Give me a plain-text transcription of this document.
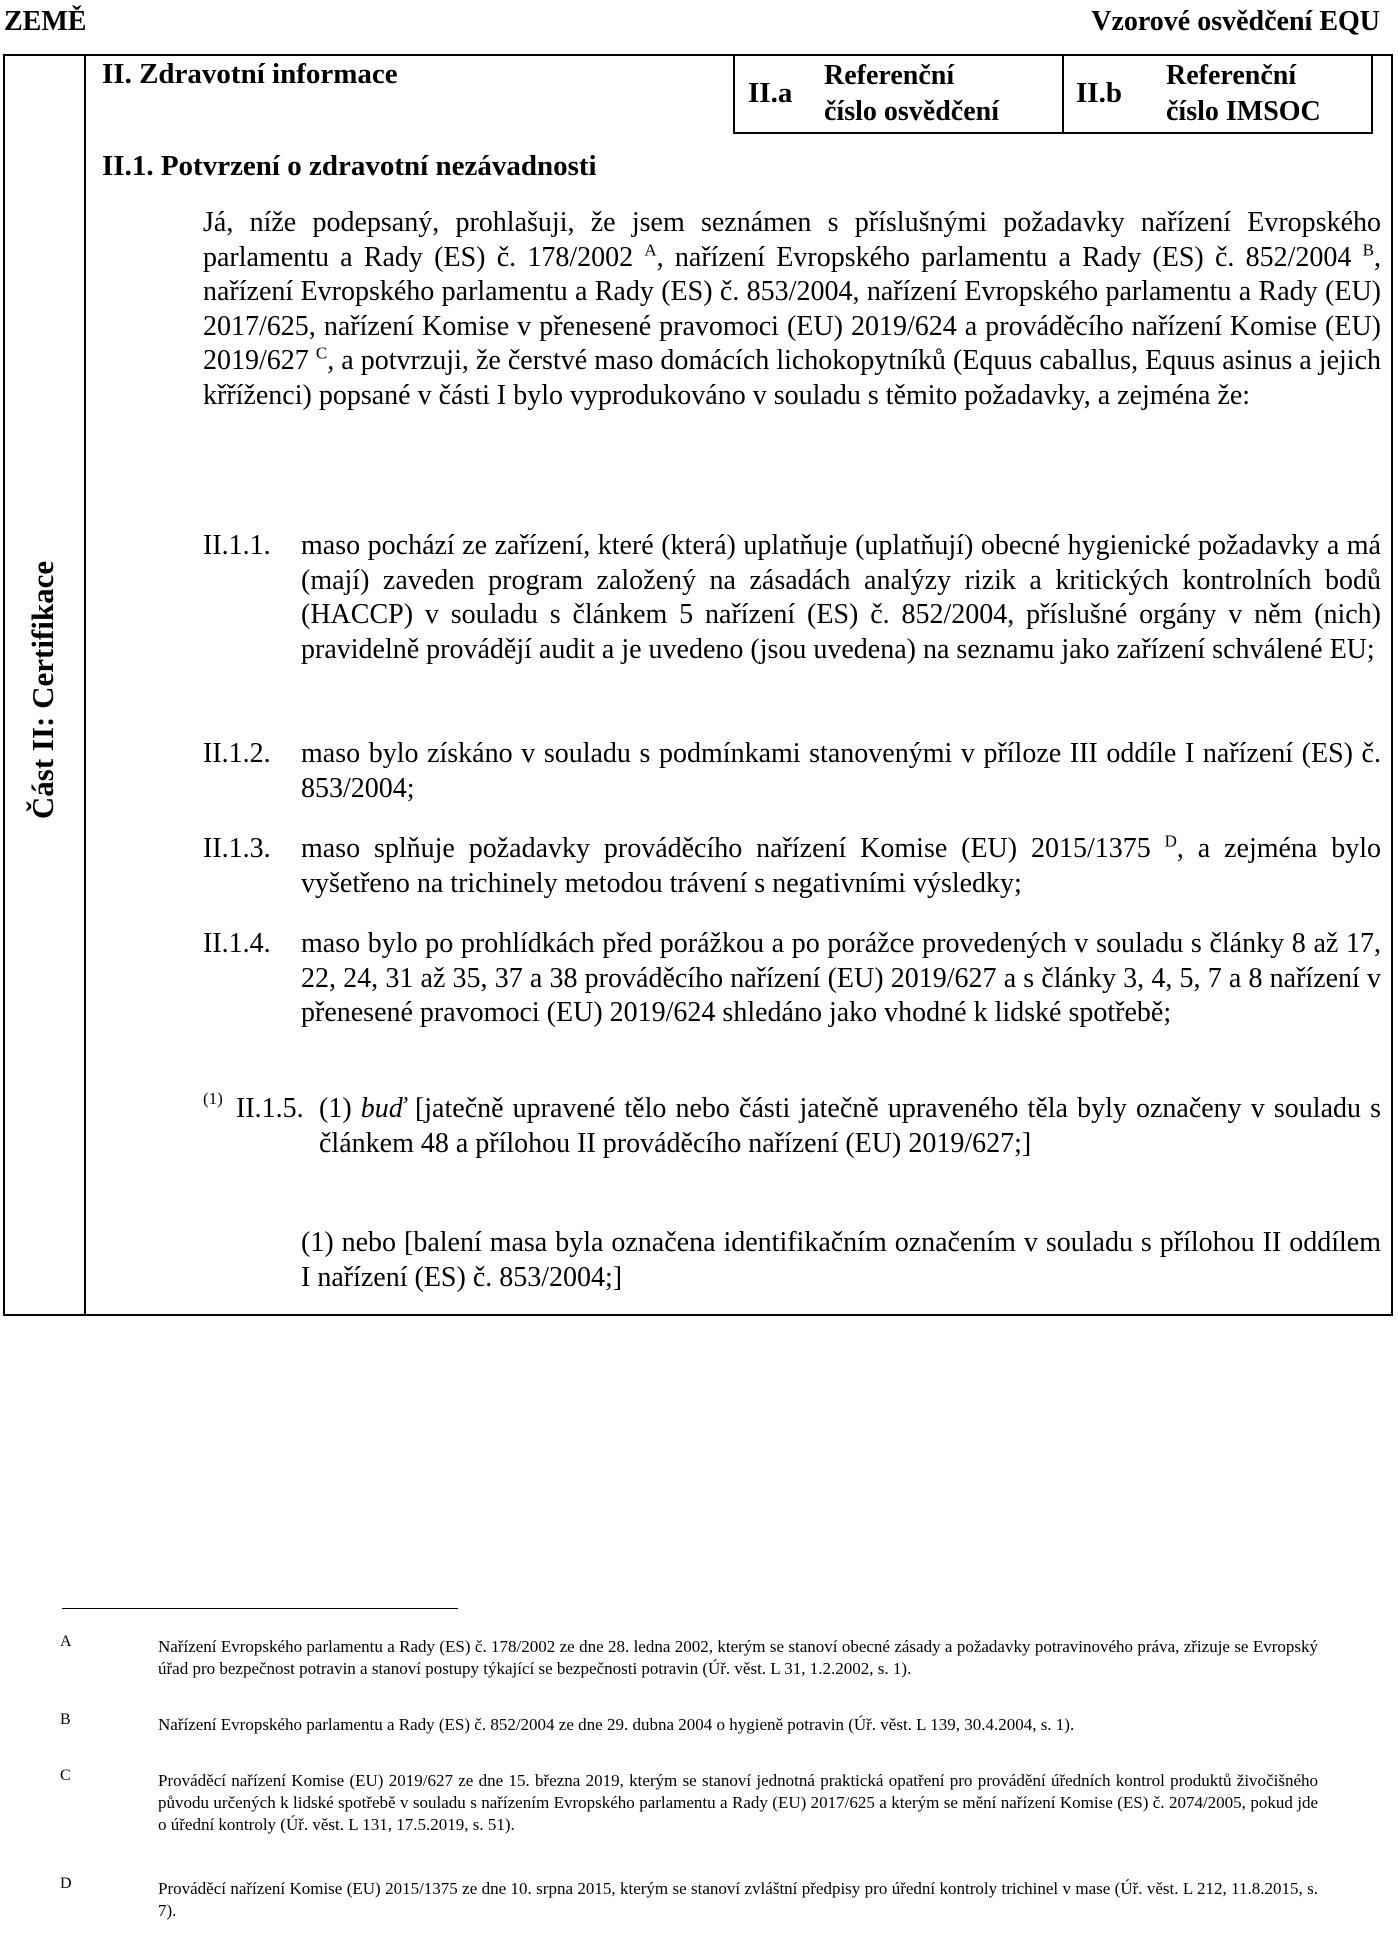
ZEMĚ	Vzorové osvědčení EQU
Část II: Certifikace
II. Zdravotní informace
II.a
Referenční
číslo osvědčení
II.b
Referenční
číslo IMSOC
II.1. Potvrzení o zdravotní nezávadnosti
Já, níže podepsaný, prohlašuji, že jsem seznámen s příslušnými požadavky nařízení Evropského parlamentu a Rady (ES) č. 178/2002 $^A$, nařízení Evropského parlamentu a Rady (ES) č. 852/2004 $^B$, nařízení Evropského parlamentu a Rady (ES) č. 853/2004, nařízení Evropského parlamentu a Rady (EU) 2017/625, nařízení Komise v přenesené pravomoci (EU) 2019/624 a prováděcího nařízení Komise (EU) 2019/627 $^C$, a potvrzuji, že čerstvé maso domácích lichokopytníků (Equus caballus, Equus asinus a jejich křříženci) popsané v části I bylo vyprodukováno v souladu s těmito požadavky, a zejména že:
II.1.1. maso pochází ze zařízení, které (která) uplatňuje (uplatňují) obecné hygienické požadavky a má (mají) zaveden program založený na zásadách analýzy rizik a kritických kontrolních bodů (HACCP) v souladu s článkem 5 nařízení (ES) č. 852/2004, příslušné orgány v něm (nich) pravidelně provádějí audit a je uvedeno (jsou uvedena) na seznamu jako zařízení schválené EU;
II.1.2. maso bylo získáno v souladu s podmínkami stanovenými v příloze III oddíle I nařízení (ES) č. 853/2004;
II.1.3. maso splňuje požadavky prováděcího nařízení Komise (EU) 2015/1375 $^D$, a zejména bylo vyšetřeno na trichinely metodou trávení s negativními výsledky;
II.1.4. maso bylo po prohlídkách před porážkou a po porážce provedených v souladu s články 8 až 17, 22, 24, 31 až 35, 37 a 38 prováděcího nařízení (EU) 2019/627 a s články 3, 4, 5, 7 a 8 nařízení v přenesené pravomoci (EU) 2019/624 shledáno jako vhodné k lidské spotřebě;
(1) II.1.5. (1) buď [jatečně upravené tělo nebo části jatečně upraveného těla byly označeny v souladu s článkem 48 a přílohou II prováděcího nařízení (EU) 2019/627;]
(1) nebo [balení masa byla označena identifikačním označením v souladu s přílohou II oddílem I nařízení (ES) č. 853/2004;]
A	Nařízení Evropského parlamentu a Rady (ES) č. 178/2002 ze dne 28. ledna 2002, kterým se stanoví obecné zásady a požadavky potravinového práva, zřizuje se Evropský úřad pro bezpečnost potravin a stanoví postupy týkající se bezpečnosti potravin (Úř. věst. L 31, 1.2.2002, s. 1).
B	Nařízení Evropského parlamentu a Rady (ES) č. 852/2004 ze dne 29. dubna 2004 o hygieně potravin (Úř. věst. L 139, 30.4.2004, s. 1).
C	Prováděcí nařízení Komise (EU) 2019/627 ze dne 15. března 2019, kterým se stanoví jednotná praktická opatření pro provádění úředních kontrol produktů živočišného původu určených k lidské spotřebě v souladu s nařízením Evropského parlamentu a Rady (EU) 2017/625 a kterým se mění nařízení Komise (ES) č. 2074/2005, pokud jde o úřední kontroly (Úř. věst. L 131, 17.5.2019, s. 51).
D	Prováděcí nařízení Komise (EU) 2015/1375 ze dne 10. srpna 2015, kterým se stanoví zvláštní předpisy pro úřední kontroly trichinel v mase (Úř. věst. L 212, 11.8.2015, s. 7).
